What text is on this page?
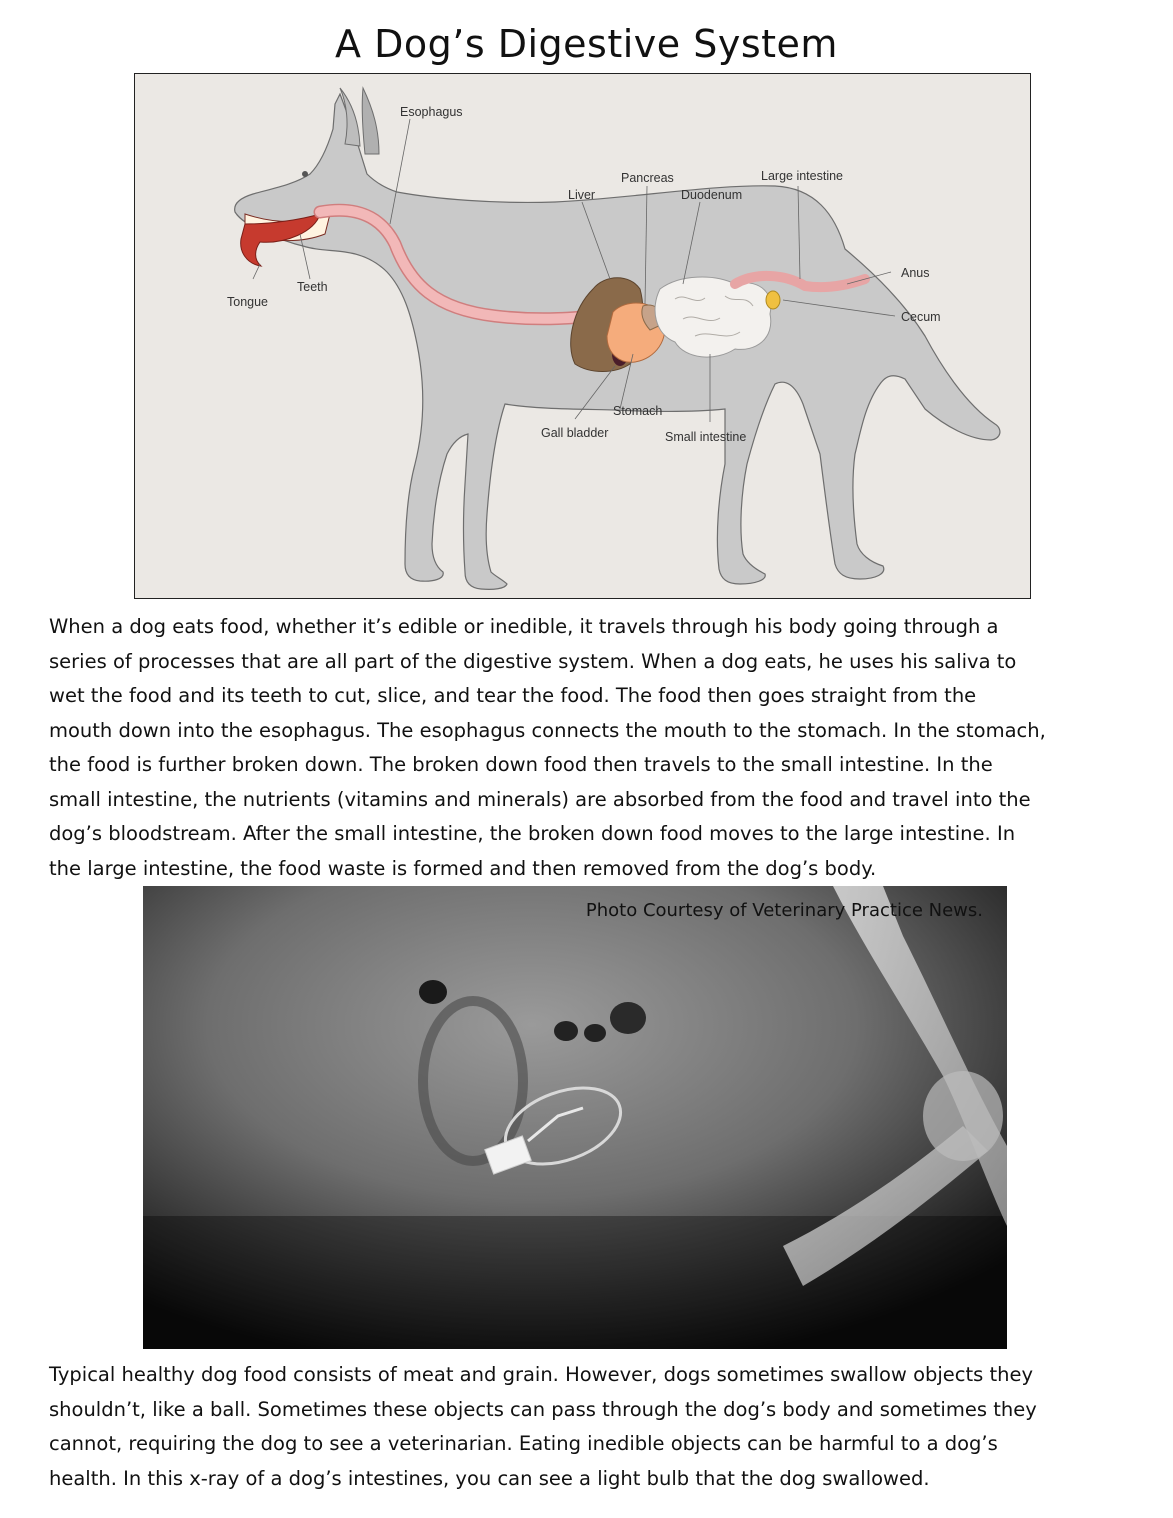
A Dog’s Digestive System
Esophagus
Pancreas	Large intestine
Liver	Duodenum
Anus
Cecum
Tongue
Teeth
Stomach
Gall bladder	Small intestine

When a dog eats food, whether it’s edible or inedible, it travels through his body going through a
series of processes that are all part of the digestive system. When a dog eats, he uses his saliva to
wet the food and its teeth to cut, slice, and tear the food. The food then goes straight from the
mouth down into the esophagus. The esophagus connects the mouth to the stomach. In the stomach,
the food is further broken down. The broken down food then travels to the small intestine. In the
small intestine, the nutrients (vitamins and minerals) are absorbed from the food and travel into the
dog’s bloodstream. After the small intestine, the broken down food moves to the large intestine. In
the large intestine, the food waste is formed and then removed from the dog’s body.

Photo Courtesy of Veterinary Practice News.

Typical healthy dog food consists of meat and grain. However, dogs sometimes swallow objects they
shouldn’t, like a ball. Sometimes these objects can pass through the dog’s body and sometimes they
cannot, requiring the dog to see a veterinarian. Eating inedible objects can be harmful to a dog’s
health. In this x-ray of a dog’s intestines, you can see a light bulb that the dog swallowed.
